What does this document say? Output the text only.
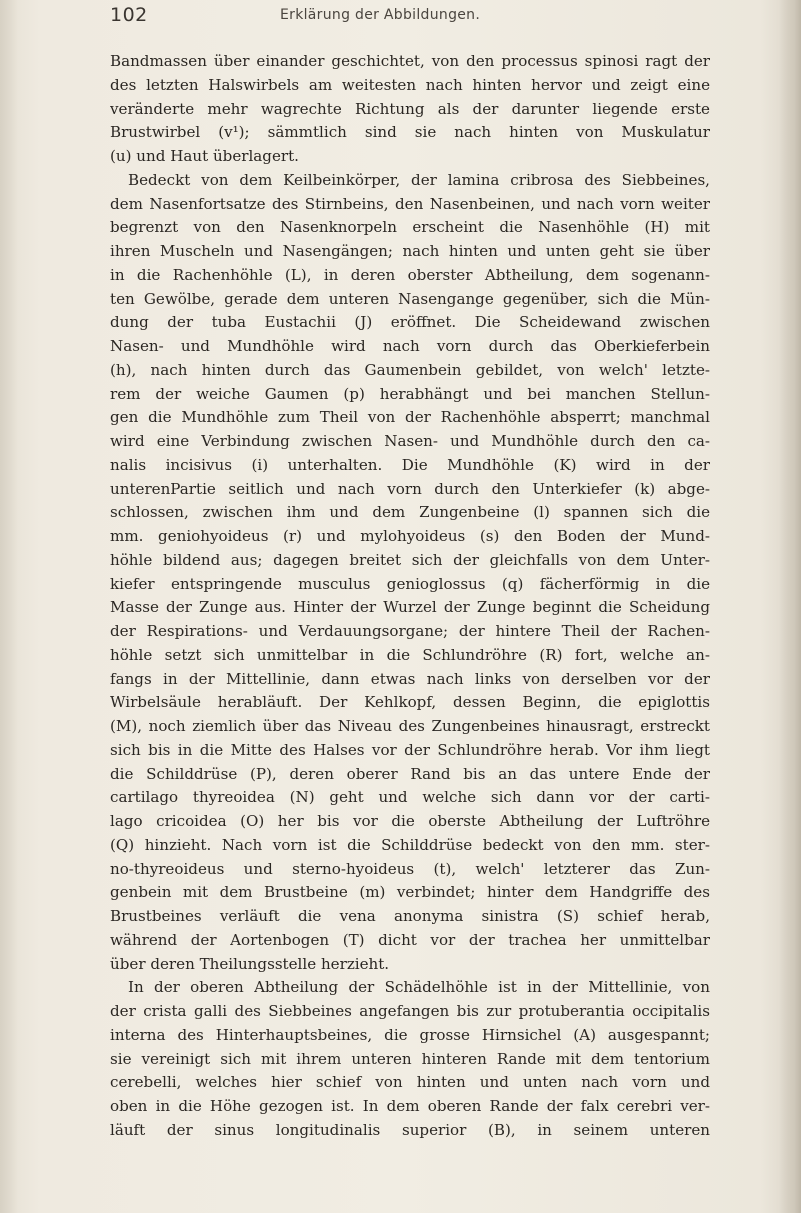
102	Erklärung der Abbildungen.
Bandmassen über einander geschichtet, von den processus spinosi ragt der
des letzten Halswirbels am weitesten nach hinten hervor und zeigt eine
veränderte mehr wagrechte Richtung als der darunter liegende erste
Brustwirbel (v¹); sämmtlich sind sie nach hinten von Muskulatur
(u) und Haut überlagert.
Bedeckt von dem Keilbeinkörper, der lamina cribrosa des Siebbeines,
dem Nasenfortsatze des Stirnbeins, den Nasenbeinen, und nach vorn weiter
begrenzt von den Nasenknorpeln erscheint die Nasenhöhle (H) mit
ihren Muscheln und Nasengängen; nach hinten und unten geht sie über
in die Rachenhöhle (L), in deren oberster Abtheilung, dem sogenann-
ten Gewölbe, gerade dem unteren Nasengange gegenüber, sich die Mün-
dung der tuba Eustachii (J) eröffnet. Die Scheidewand zwischen
Nasen- und Mundhöhle wird nach vorn durch das Oberkieferbein
(h), nach hinten durch das Gaumenbein gebildet, von welch' letzte-
rem der weiche Gaumen (p) herabhängt und bei manchen Stellun-
gen die Mundhöhle zum Theil von der Rachenhöhle absperrt; manchmal
wird eine Verbindung zwischen Nasen- und Mundhöhle durch den ca-
nalis incisivus (i) unterhalten. Die Mundhöhle (K) wird in der
unterenPartie seitlich und nach vorn durch den Unterkiefer (k) abge-
schlossen, zwischen ihm und dem Zungenbeine (l) spannen sich die
mm. geniohyoideus (r) und mylohyoideus (s) den Boden der Mund-
höhle bildend aus; dagegen breitet sich der gleichfalls von dem Unter-
kiefer entspringende musculus genioglossus (q) fächerförmig in die
Masse der Zunge aus. Hinter der Wurzel der Zunge beginnt die Scheidung
der Respirations- und Verdauungsorgane; der hintere Theil der Rachen-
höhle setzt sich unmittelbar in die Schlundröhre (R) fort, welche an-
fangs in der Mittellinie, dann etwas nach links von derselben vor der
Wirbelsäule herabläuft. Der Kehlkopf, dessen Beginn, die epiglottis
(M), noch ziemlich über das Niveau des Zungenbeines hinausragt, erstreckt
sich bis in die Mitte des Halses vor der Schlundröhre herab. Vor ihm liegt
die Schilddrüse (P), deren oberer Rand bis an das untere Ende der
cartilago thyreoidea (N) geht und welche sich dann vor der carti-
lago cricoidea (O) her bis vor die oberste Abtheilung der Luftröhre
(Q) hinzieht. Nach vorn ist die Schilddrüse bedeckt von den mm. ster-
no-thyreoideus und sterno-hyoideus (t), welch' letzterer das Zun-
genbein mit dem Brustbeine (m) verbindet; hinter dem Handgriffe des
Brustbeines verläuft die vena anonyma sinistra (S) schief herab,
während der Aortenbogen (T) dicht vor der trachea her unmittelbar
über deren Theilungsstelle herzieht.
In der oberen Abtheilung der Schädelhöhle ist in der Mittellinie, von
der crista galli des Siebbeines angefangen bis zur protuberantia occipitalis
interna des Hinterhauptsbeines, die grosse Hirnsichel (A) ausgespannt;
sie vereinigt sich mit ihrem unteren hinteren Rande mit dem tentorium
cerebelli, welches hier schief von hinten und unten nach vorn und
oben in die Höhe gezogen ist. In dem oberen Rande der falx cerebri ver-
läuft der sinus longitudinalis superior (B), in seinem unteren
